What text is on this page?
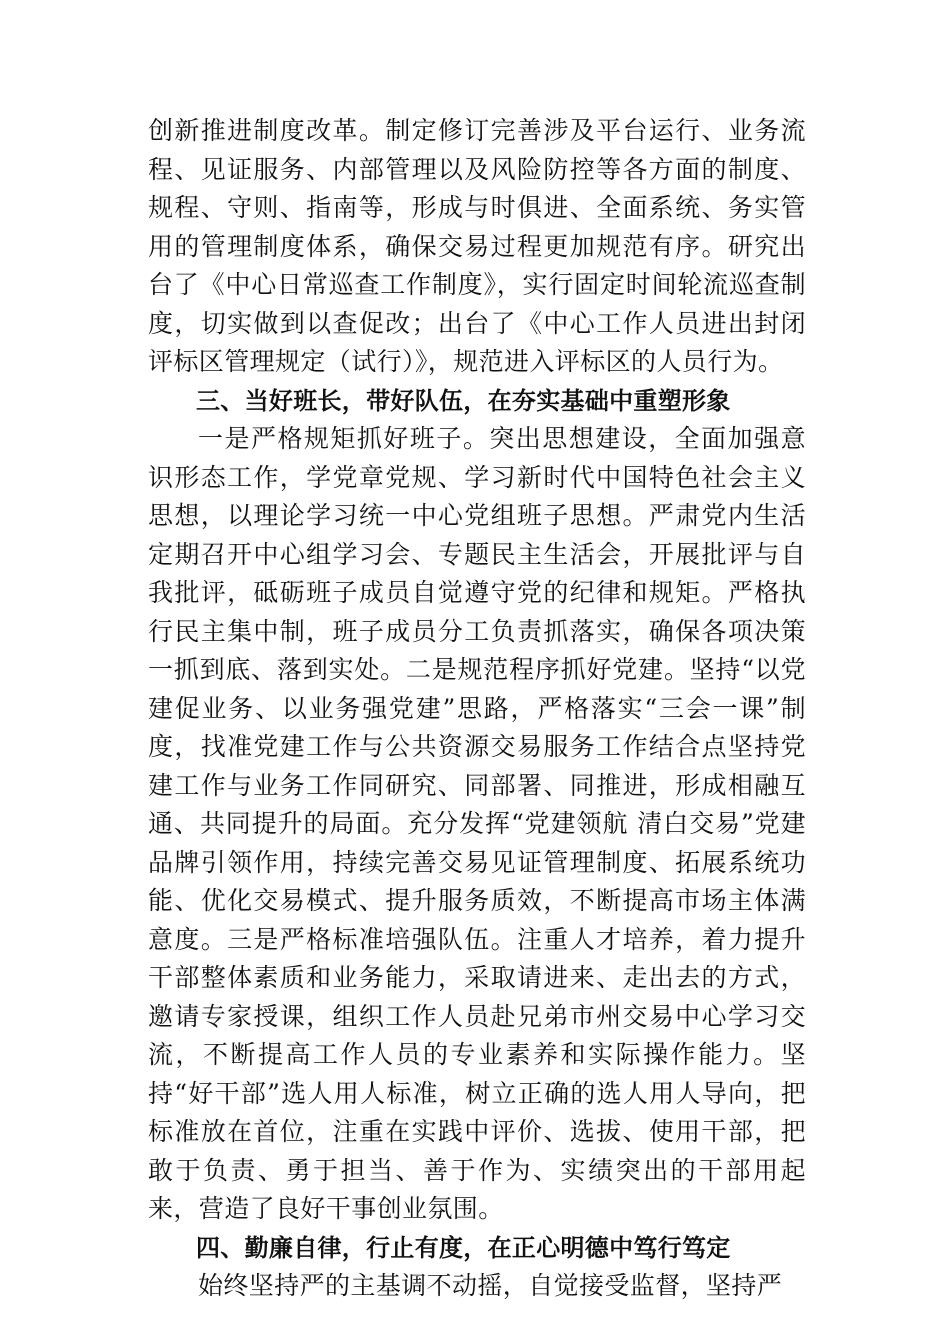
创新推进制度改革。制定修订完善涉及平台运行、业务流程、见证服务、内部管理以及风险防控等各方面的制度、规程、守则、指南等，形成与时俱进、全面系统、务实管用的管理制度体系，确保交易过程更加规范有序。研究出台了《中心日常巡查工作制度》，实行固定时间轮流巡查制度，切实做到以查促改；出台了《中心工作人员进出封闭评标区管理规定（试行）》，规范进入评标区的人员行为。

三、当好班长，带好队伍，在夯实基础中重塑形象

一是严格规矩抓好班子。突出思想建设，全面加强意识形态工作，学党章党规、学习新时代中国特色社会主义思想，以理论学习统一中心党组班子思想。严肃党内生活定期召开中心组学习会、专题民主生活会，开展批评与自我批评，砥砺班子成员自觉遵守党的纪律和规矩。严格执行民主集中制，班子成员分工负责抓落实，确保各项决策一抓到底、落到实处。二是规范程序抓好党建。坚持“以党建促业务、以业务强党建”思路，严格落实“三会一课”制度，找准党建工作与公共资源交易服务工作结合点坚持党建工作与业务工作同研究、同部署、同推进，形成相融互通、共同提升的局面。充分发挥“党建领航 清白交易”党建品牌引领作用，持续完善交易见证管理制度、拓展系统功能、优化交易模式、提升服务质效，不断提高市场主体满意度。三是严格标准培强队伍。注重人才培养，着力提升干部整体素质和业务能力，采取请进来、走出去的方式，邀请专家授课，组织工作人员赴兄弟市州交易中心学习交流，不断提高工作人员的专业素养和实际操作能力。坚持“好干部”选人用人标准，树立正确的选人用人导向，把标准放在首位，注重在实践中评价、选拔、使用干部，把敢于负责、勇于担当、善于作为、实绩突出的干部用起来，营造了良好干事创业氛围。

四、勤廉自律，行止有度，在正心明德中笃行笃定

始终坚持严的主基调不动摇，自觉接受监督，坚持严
